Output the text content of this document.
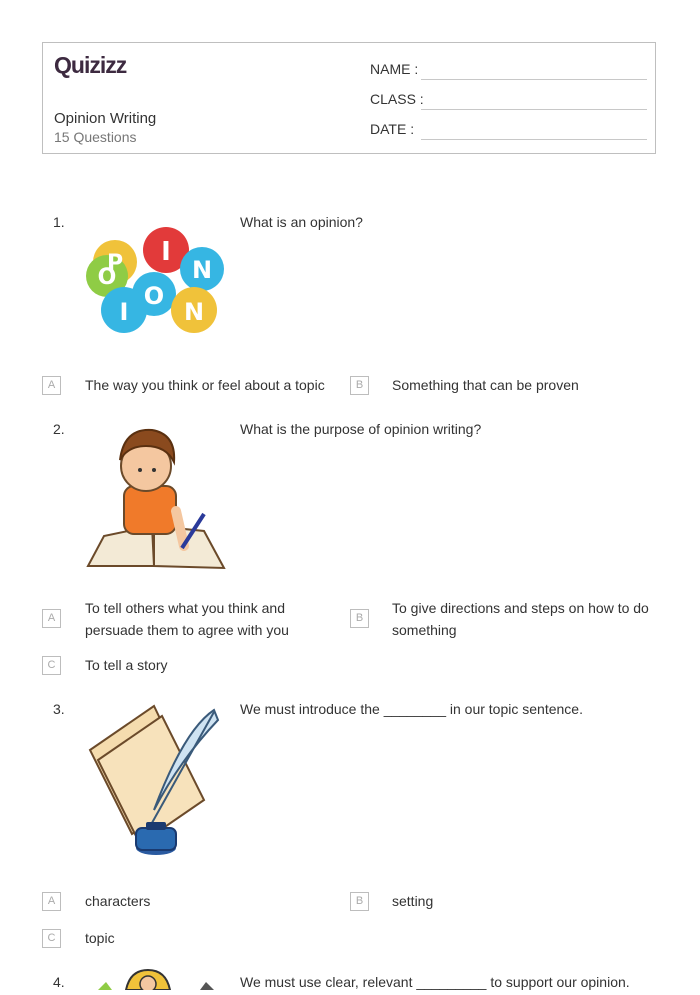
Quizizz
Opinion Writing
15 Questions
NAME :
CLASS :
DATE :
1.	What is an opinion?
I
P	N
O
O
I N
A	The way you think or feel about a topic	B	Something that can be proven
2.	What is the purpose of opinion writing?
A
To tell others what you think and persuade them to agree with you
B
To give directions and steps on how to do something
C	To tell a story
3.	We must introduce the ________ in our topic sentence.
A	characters	B	setting
C	topic
4.	We must use clear, relevant _________ to support our opinion.
